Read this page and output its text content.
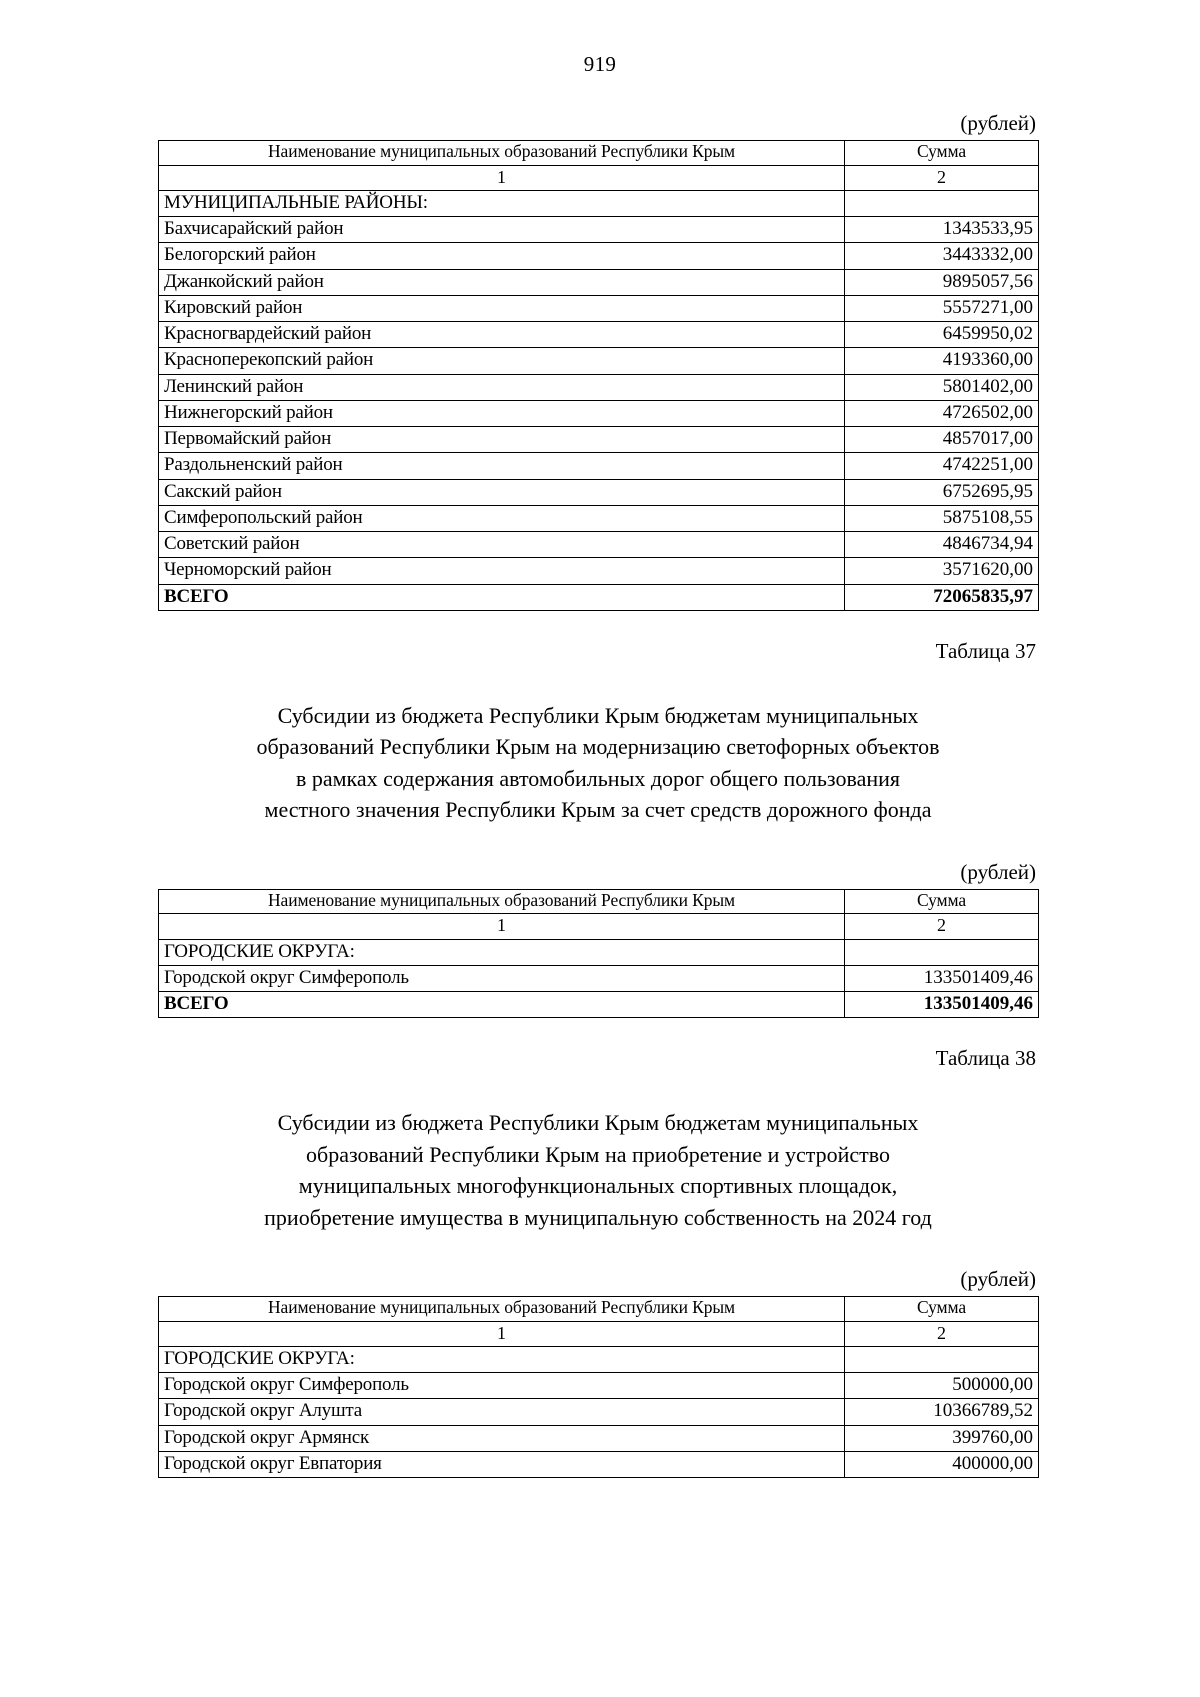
919
(рублей)
Наименование муниципальных образований Республики Крым	Сумма
1	2
МУНИЦИПАЛЬНЫЕ РАЙОНЫ:	
Бахчисарайский район	1343533,95
Белогорский район	3443332,00
Джанкойский район	9895057,56
Кировский район	5557271,00
Красногвардейский район	6459950,02
Красноперекопский район	4193360,00
Ленинский район	5801402,00
Нижнегорский район	4726502,00
Первомайский район	4857017,00
Раздольненский район	4742251,00
Сакский район	6752695,95
Симферопольский район	5875108,55
Советский район	4846734,94
Черноморский район	3571620,00
ВСЕГО	72065835,97
Таблица 37
Субсидии из бюджета Республики Крым бюджетам муниципальных
образований Республики Крым на модернизацию светофорных объектов
в рамках содержания автомобильных дорог общего пользования
местного значения Республики Крым за счет средств дорожного фонда
(рублей)
Наименование муниципальных образований Республики Крым	Сумма
1	2
ГОРОДСКИЕ ОКРУГА:	
Городской округ Симферополь	133501409,46
ВСЕГО	133501409,46
Таблица 38
Субсидии из бюджета Республики Крым бюджетам муниципальных
образований Республики Крым на приобретение и устройство
муниципальных многофункциональных спортивных площадок,
приобретение имущества в муниципальную собственность на 2024 год
(рублей)
Наименование муниципальных образований Республики Крым	Сумма
1	2
ГОРОДСКИЕ ОКРУГА:	
Городской округ Симферополь	500000,00
Городской округ Алушта	10366789,52
Городской округ Армянск	399760,00
Городской округ Евпатория	400000,00
